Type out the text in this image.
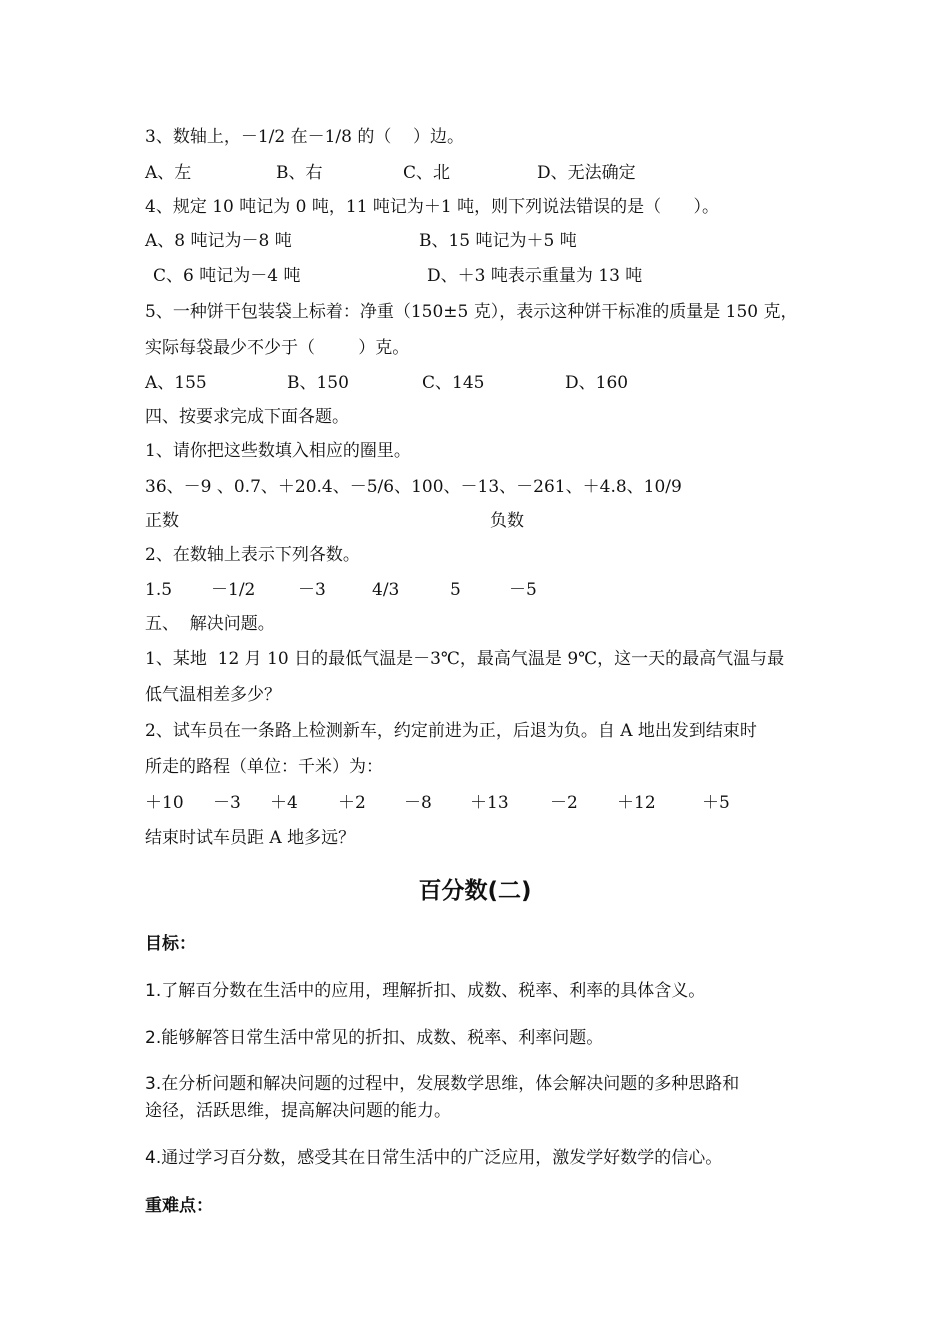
3、数轴上，－1/2 在－1/8 的（    ）边。
A、左	B、右	C、北	D、无法确定
4、规定 10 吨记为 0 吨，11 吨记为＋1 吨，则下列说法错误的是（      ）。
A、8 吨记为－8 吨	B、15 吨记为＋5 吨
C、6 吨记为－4 吨	D、＋3 吨表示重量为 13 吨
5、一种饼干包装袋上标着：净重（150±5 克），表示这种饼干标准的质量是 150 克，
实际每袋最少不少于（        ）克。
A、155	B、150	C、145	D、160
四、按要求完成下面各题。
1、请你把这些数填入相应的圈里。
36、－9 、0.7、＋20.4、－5/6、100、－13、－261、＋4.8、10/9
正数	负数
2、在数轴上表示下列各数。
1.5 －1/2	－3	4/3	5	－5
五、  解决问题。
1、某地  12 月 10 日的最低气温是－3℃，最高气温是 9℃，这一天的最高气温与最
低气温相差多少？
2、试车员在一条路上检测新车，约定前进为正，后退为负。自 A 地出发到结束时
所走的路程（单位：千米）为：
＋10 －3 ＋4 ＋2 －8 ＋13 －2 ＋12	＋5
结束时试车员距 A 地多远？
百分数(二)
目标：
1.了解百分数在生活中的应用，理解折扣、成数、税率、利率的具体含义。
2.能够解答日常生活中常见的折扣、成数、税率、利率问题。
3.在分析问题和解决问题的过程中，发展数学思维，体会解决问题的多种思路和
途径，活跃思维，提高解决问题的能力。
4.通过学习百分数，感受其在日常生活中的广泛应用，激发学好数学的信心。
重难点：
